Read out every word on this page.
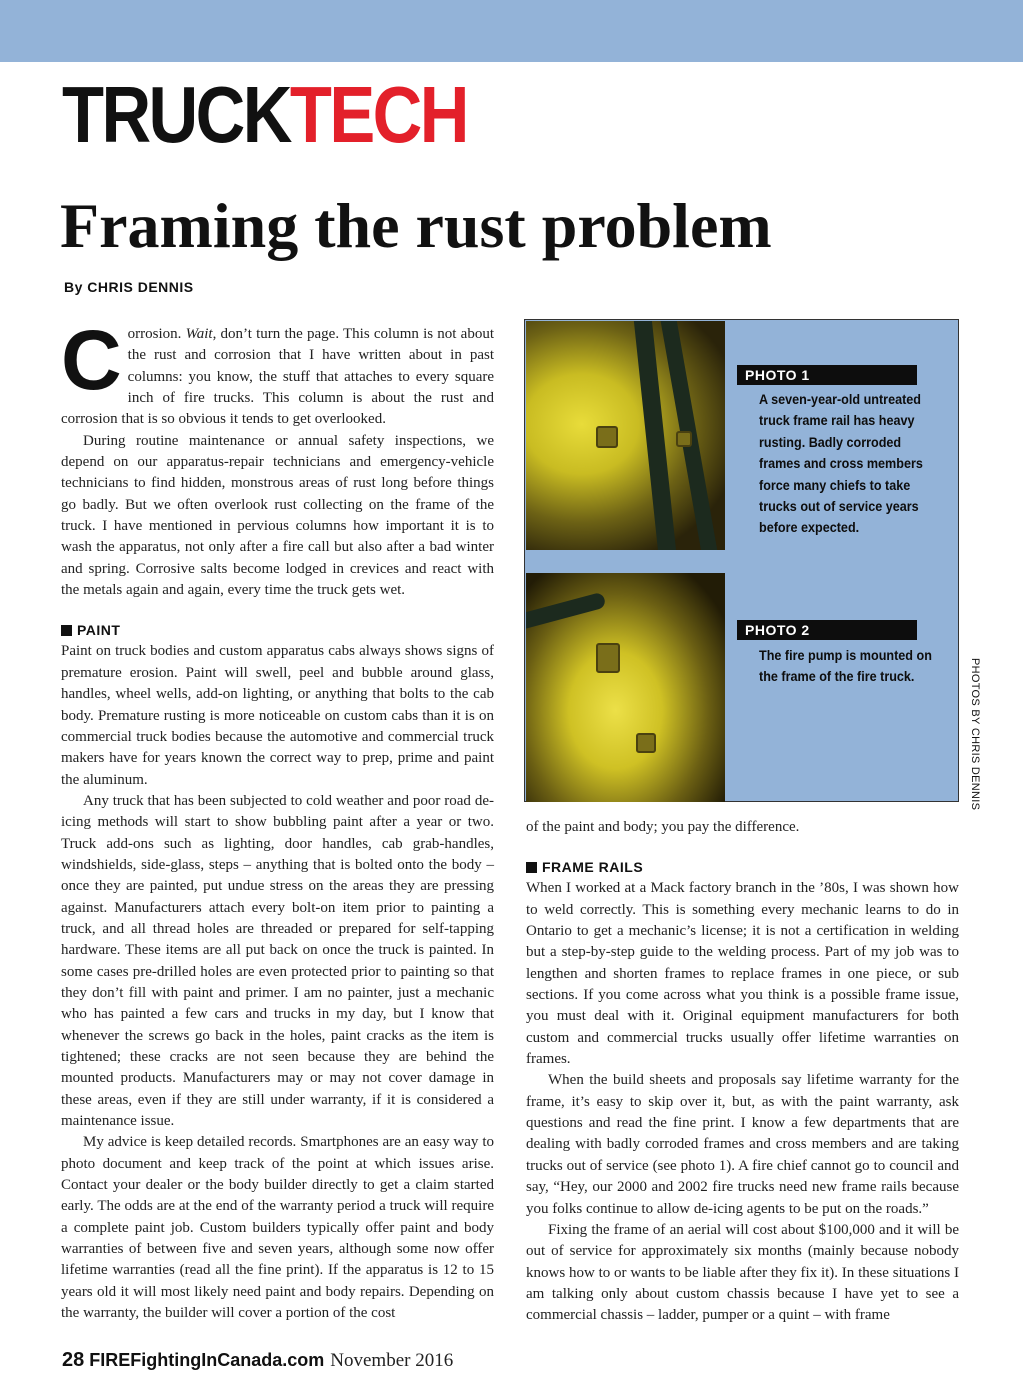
TRUCKTECH
Framing the rust problem
By CHRIS DENNIS

Corrosion. Wait, don’t turn the page. This column is not about the rust and corrosion that I have written about in past columns: you know, the stuff that attaches to every square inch of fire trucks. This column is about the rust and corrosion that is so obvious it tends to get overlooked.

During routine maintenance or annual safety inspections, we depend on our apparatus-repair technicians and emergency-vehicle technicians to find hidden, monstrous areas of rust long before things go badly. But we often overlook rust collecting on the frame of the truck. I have mentioned in pervious columns how important it is to wash the apparatus, not only after a fire call but also after a bad winter and spring. Corrosive salts become lodged in crevices and react with the metals again and again, every time the truck gets wet.

PAINT

Paint on truck bodies and custom apparatus cabs always shows signs of premature erosion. Paint will swell, peel and bubble around glass, handles, wheel wells, add-on lighting, or anything that bolts to the cab body. Premature rusting is more noticeable on custom cabs than it is on commercial truck bodies because the automotive and commercial truck makers have for years known the correct way to prep, prime and paint the aluminum.

Any truck that has been subjected to cold weather and poor road de-icing methods will start to show bubbling paint after a year or two. Truck add-ons such as lighting, door handles, cab grab-handles, windshields, side-glass, steps – anything that is bolted onto the body – once they are painted, put undue stress on the areas they are pressing against. Manufacturers attach every bolt-on item prior to painting a truck, and all thread holes are threaded or prepared for self-tapping hardware. These items are all put back on once the truck is painted. In some cases pre-drilled holes are even protected prior to painting so that they don’t fill with paint and primer. I am no painter, just a mechanic who has painted a few cars and trucks in my day, but I know that whenever the screws go back in the holes, paint cracks as the item is tightened; these cracks are not seen because they are behind the mounted products. Manufacturers may or may not cover damage in these areas, even if they are still under warranty, if it is considered a maintenance issue.

My advice is keep detailed records. Smartphones are an easy way to photo document and keep track of the point at which issues arise. Contact your dealer or the body builder directly to get a claim started early. The odds are at the end of the warranty period a truck will require a complete paint job. Custom builders typically offer paint and body warranties of between five and seven years, although some now offer lifetime warranties (read all the fine print). If the apparatus is 12 to 15 years old it will most likely need paint and body repairs. Depending on the warranty, the builder will cover a portion of the cost

PHOTO 1
A seven-year-old untreated truck frame rail has heavy rusting. Badly corroded frames and cross members force many chiefs to take trucks out of service years before expected.
PHOTO 2
The fire pump is mounted on the frame of the fire truck.	PHOTOS BY CHRIS DENNIS

of the paint and body; you pay the difference.

FRAME RAILS

When I worked at a Mack factory branch in the ’80s, I was shown how to weld correctly. This is something every mechanic learns to do in Ontario to get a mechanic’s license; it is not a certification in welding but a step-by-step guide to the welding process. Part of my job was to lengthen and shorten frames to replace frames in one piece, or sub sections. If you come across what you think is a possible frame issue, you must deal with it. Original equipment manufacturers for both custom and commercial trucks usually offer lifetime warranties on frames.

When the build sheets and proposals say lifetime warranty for the frame, it’s easy to skip over it, but, as with the paint warranty, ask questions and read the fine print. I know a few departments that are dealing with badly corroded frames and cross members and are taking trucks out of service (see photo 1). A fire chief cannot go to council and say, “Hey, our 2000 and 2002 fire trucks need new frame rails because you folks continue to allow de-icing agents to be put on the roads.”

Fixing the frame of an aerial will cost about $100,000 and it will be out of service for approximately six months (mainly because nobody knows how to or wants to be liable after they fix it). In these situations I am talking only about custom chassis because I have yet to see a commercial chassis – ladder, pumper or a quint – with frame

28 FIREFightingInCanada.com November 2016
